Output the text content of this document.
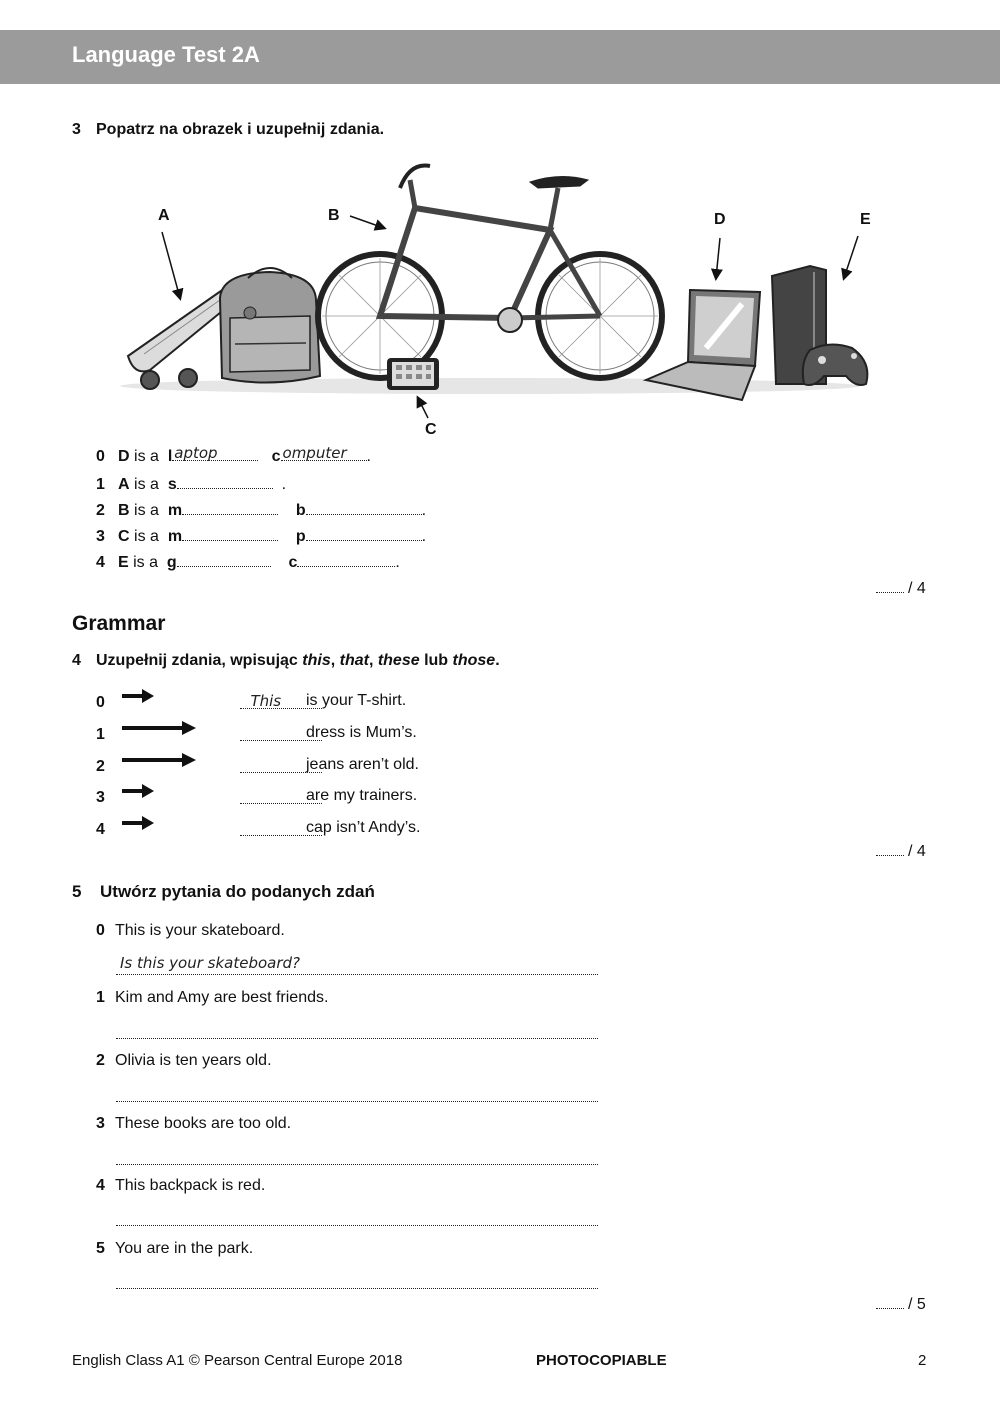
Language Test 2A
3 Popatrz na obrazek i uzupełnij zdania.
A	B
C
D	E
0 D is a l aptop	c omputer .
1 A is a s	.
2 B is a m	b	.
3 C is a m	p	.
4 E is a g	c	.
/ 4
Grammar
4 Uzupełnij zdania, wpisując this, that, these lub those.
0	This is your T-shirt.
1	dress is Mum’s.
2	jeans aren’t old.
3	are my trainers.
4	cap isn’t Andy’s.
/ 4
5 Utwórz pytania do podanych zdań
0 This is your skateboard.
Is this your skateboard?
1 Kim and Amy are best friends.
2 Olivia is ten years old.
3 These books are too old.
4 This backpack is red.
5 You are in the park.
/ 5
English Class A1 © Pearson Central Europe 2018	PHOTOCOPIABLE	2
